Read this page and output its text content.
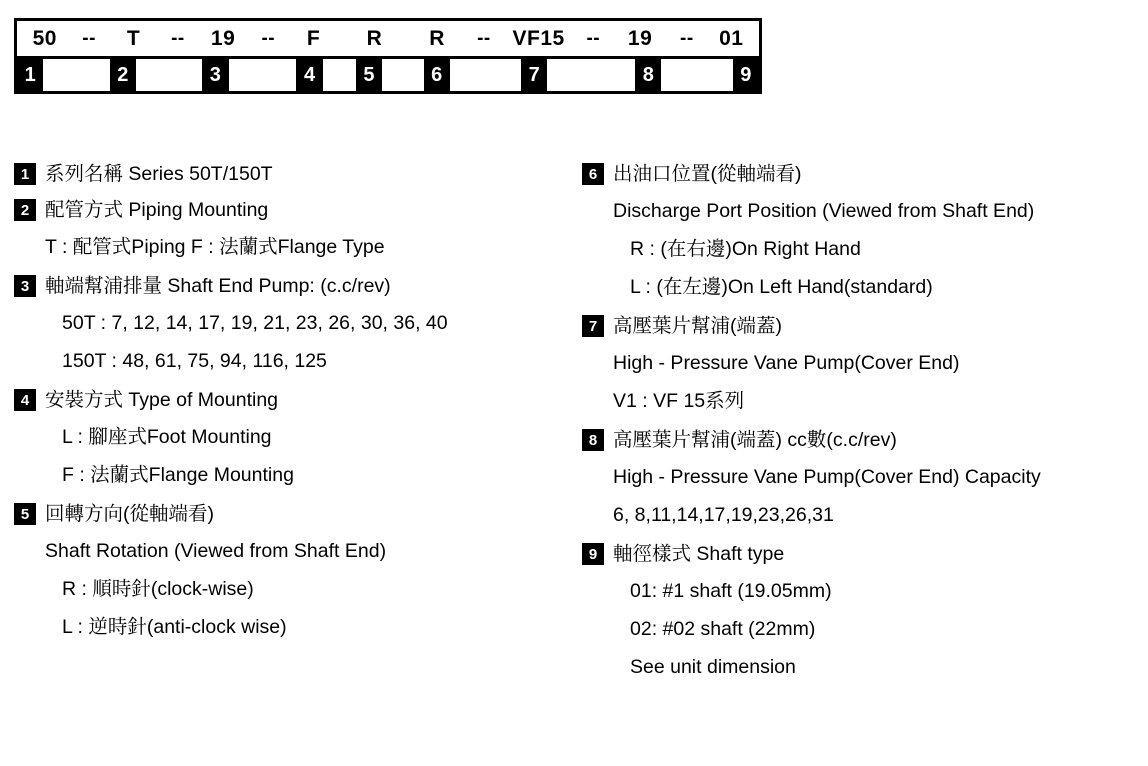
50	--	T	--	19	--	F	R	R	--	VF15	--	19	--	01
1	2	3	4	5	6	7	8	9
1 系列名稱 Series 50T/150T
2 配管方式 Piping Mounting
T : 配管式Piping F : 法蘭式Flange Type
3 軸端幫浦排量 Shaft End Pump: (c.c/rev)
50T : 7, 12, 14, 17, 19, 21, 23, 26, 30, 36, 40
150T : 48, 61, 75, 94, 116, 125
4 安裝方式 Type of Mounting
L : 腳座式Foot Mounting
F : 法蘭式Flange Mounting
5 回轉方向(從軸端看)
Shaft Rotation (Viewed from Shaft End)
R : 順時針(clock-wise)
L : 逆時針(anti-clock wise)
6 出油口位置(從軸端看)
Discharge Port Position (Viewed from Shaft End)
R : (在右邊)On Right Hand
L : (在左邊)On Left Hand(standard)
7 高壓葉片幫浦(端蓋)
High - Pressure Vane Pump(Cover End)
V1 : VF 15系列
8 高壓葉片幫浦(端蓋) cc數(c.c/rev)
High - Pressure Vane Pump(Cover End) Capacity
6, 8,11,14,17,19,23,26,31
9 軸徑樣式 Shaft type
01: #1 shaft (19.05mm)
02: #02 shaft (22mm)
See unit dimension
